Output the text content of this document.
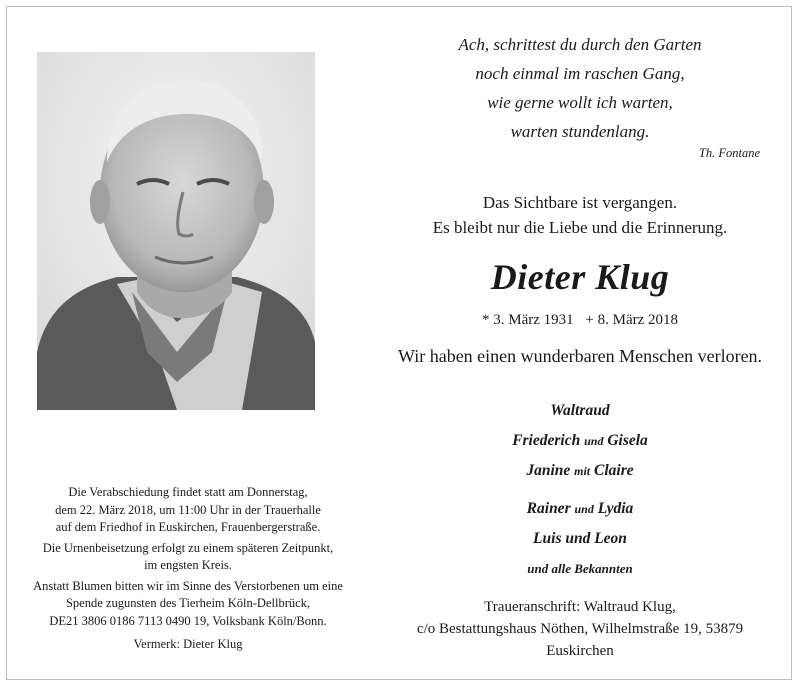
Ach, schrittest du durch den Garten
noch einmal im raschen Gang,
wie gerne wollt ich warten,
warten stundenlang.
Th. Fontane
Das Sichtbare ist vergangen.
Es bleibt nur die Liebe und die Erinnerung.
Dieter Klug
* 3. März 1931 + 8. März 2018
Wir haben einen wunderbaren Menschen verloren.
Waltraud
Friederich und Gisela
Janine mit Claire
Rainer und Lydia
Luis und Leon
und alle Bekannten
Traueranschrift: Waltraud Klug,
c/o Bestattungshaus Nöthen, Wilhelmstraße 19, 53879
Euskirchen
Die Verabschiedung findet statt am Donnerstag,
dem 22. März 2018, um 11:00 Uhr in der Trauerhalle
auf dem Friedhof in Euskirchen, Frauenbergerstraße.
Die Urnenbeisetzung erfolgt zu einem späteren Zeitpunkt,
im engsten Kreis.
Anstatt Blumen bitten wir im Sinne des Verstorbenen um eine
Spende zugunsten des Tierheim Köln-Dellbrück,
DE21 3806 0186 7113 0490 19, Volksbank Köln/Bonn.
Vermerk: Dieter Klug
